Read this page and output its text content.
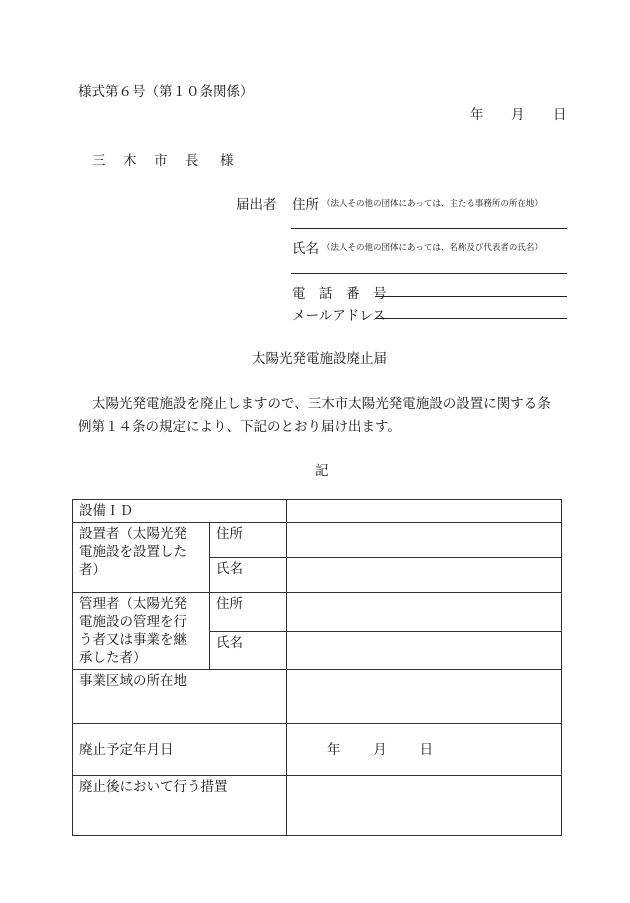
様式第６号（第１０条関係）
年 月 日
三　木　市　長 様
届出者 住所 （法人その他の団体にあっては、主たる事務所の所在地）
氏名 （法人その他の団体にあっては、名称及び代表者の氏名）
電　話　番　号
メールアドレス
太陽光発電施設廃止届
太陽光発電施設を廃止しますので、三木市太陽光発電施設の設置に関する条
例第１４条の規定により、下記のとおり届け出ます。
記
設備ＩＤ		

設置者（太陽光発
電施設を設置した
者）	住所	
	氏名	

管理者（太陽光発
電施設の管理を行
う者又は事業を継
承した者）	住所	
	氏名	
事業区域の所在地		
廃止予定年月日		年 月 日
廃止後において行う措置		
